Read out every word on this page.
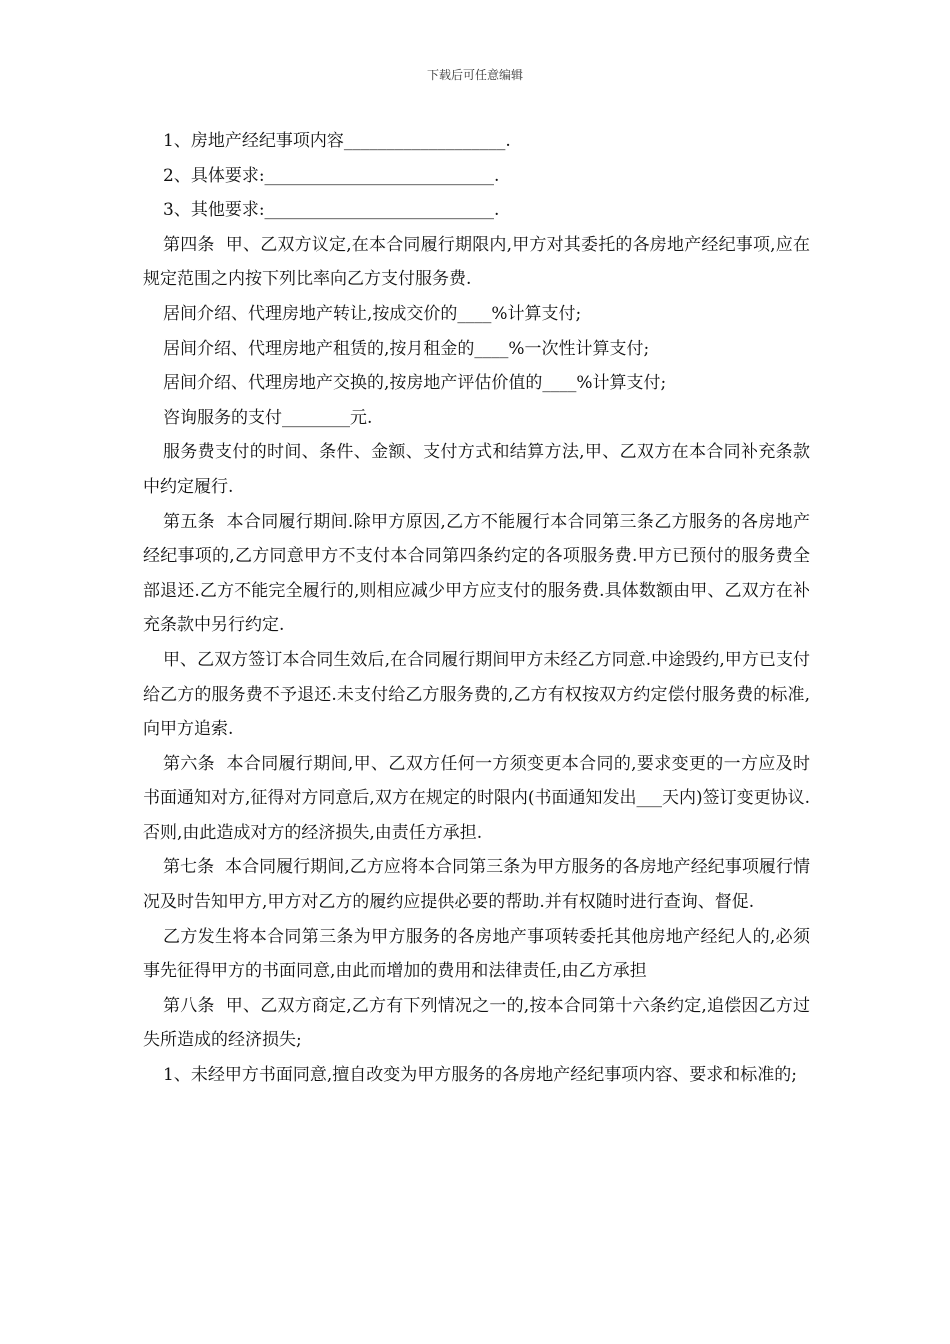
下载后可任意编辑

1、房地产经纪事项内容___________________.

2、具体要求:___________________________.

3、其他要求:___________________________.

第四条  甲、乙双方议定,在本合同履行期限内,甲方对其委托的各房地产经纪事项,应在规定范围之内按下列比率向乙方支付服务费.

居间介绍、代理房地产转让,按成交价的____%计算支付;

居间介绍、代理房地产租赁的,按月租金的____%一次性计算支付;

居间介绍、代理房地产交换的,按房地产评估价值的____%计算支付;

咨询服务的支付________元.

服务费支付的时间、条件、金额、支付方式和结算方法,甲、乙双方在本合同补充条款中约定履行.

第五条  本合同履行期间.除甲方原因,乙方不能履行本合同第三条乙方服务的各房地产经纪事项的,乙方同意甲方不支付本合同第四条约定的各项服务费.甲方已预付的服务费全部退还.乙方不能完全履行的,则相应减少甲方应支付的服务费.具体数额由甲、乙双方在补充条款中另行约定.

甲、乙双方签订本合同生效后,在合同履行期间甲方未经乙方同意.中途毁约,甲方已支付给乙方的服务费不予退还.未支付给乙方服务费的,乙方有权按双方约定偿付服务费的标准,向甲方追索.

第六条  本合同履行期间,甲、乙双方任何一方须变更本合同的,要求变更的一方应及时书面通知对方,征得对方同意后,双方在规定的时限内(书面通知发出___天内)签订变更协议.否则,由此造成对方的经济损失,由责任方承担.

第七条  本合同履行期间,乙方应将本合同第三条为甲方服务的各房地产经纪事项履行情况及时告知甲方,甲方对乙方的履约应提供必要的帮助.并有权随时进行查询、督促.

乙方发生将本合同第三条为甲方服务的各房地产事项转委托其他房地产经纪人的,必须事先征得甲方的书面同意,由此而增加的费用和法律责任,由乙方承担

第八条  甲、乙双方商定,乙方有下列情况之一的,按本合同第十六条约定,追偿因乙方过失所造成的经济损失;

1、未经甲方书面同意,擅自改变为甲方服务的各房地产经纪事项内容、要求和标准的;
